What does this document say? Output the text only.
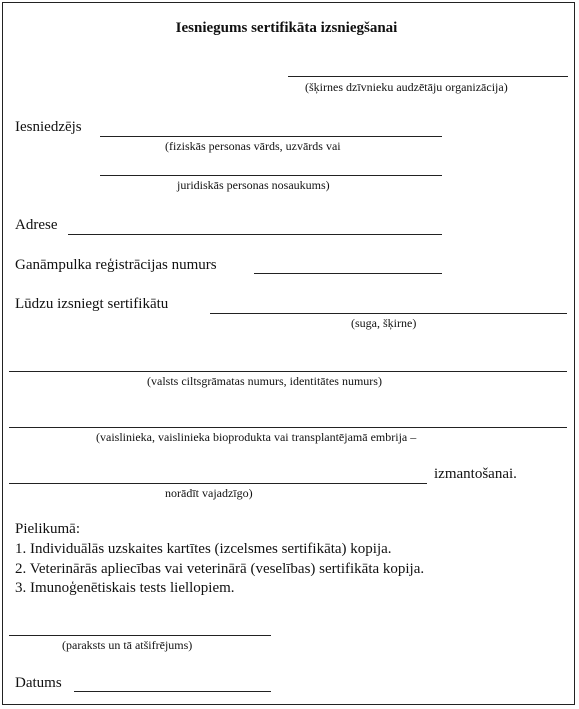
Iesniegums sertifikāta izsniegšanai
(šķirnes dzīvnieku audzētāju organizācija)
Iesniedzējs
(fiziskās personas vārds, uzvārds vai
juridiskās personas nosaukums)
Adrese
Ganāmpulka reģistrācijas numurs
Lūdzu izsniegt sertifikātu
(suga, šķirne)
(valsts ciltsgrāmatas numurs, identitātes numurs)
(vaislinieka, vaislinieka bioprodukta vai transplantējamā embrija –
izmantošanai.
norādīt vajadzīgo)
Pielikumā:
1. Individuālās uzskaites kartītes (izcelsmes sertifikāta) kopija.
2. Veterinārās apliecības vai veterinārā (veselības) sertifikāta kopija.
3. Imunoģenētiskais tests liellopiem.
(paraksts un tā atšifrējums)
Datums
